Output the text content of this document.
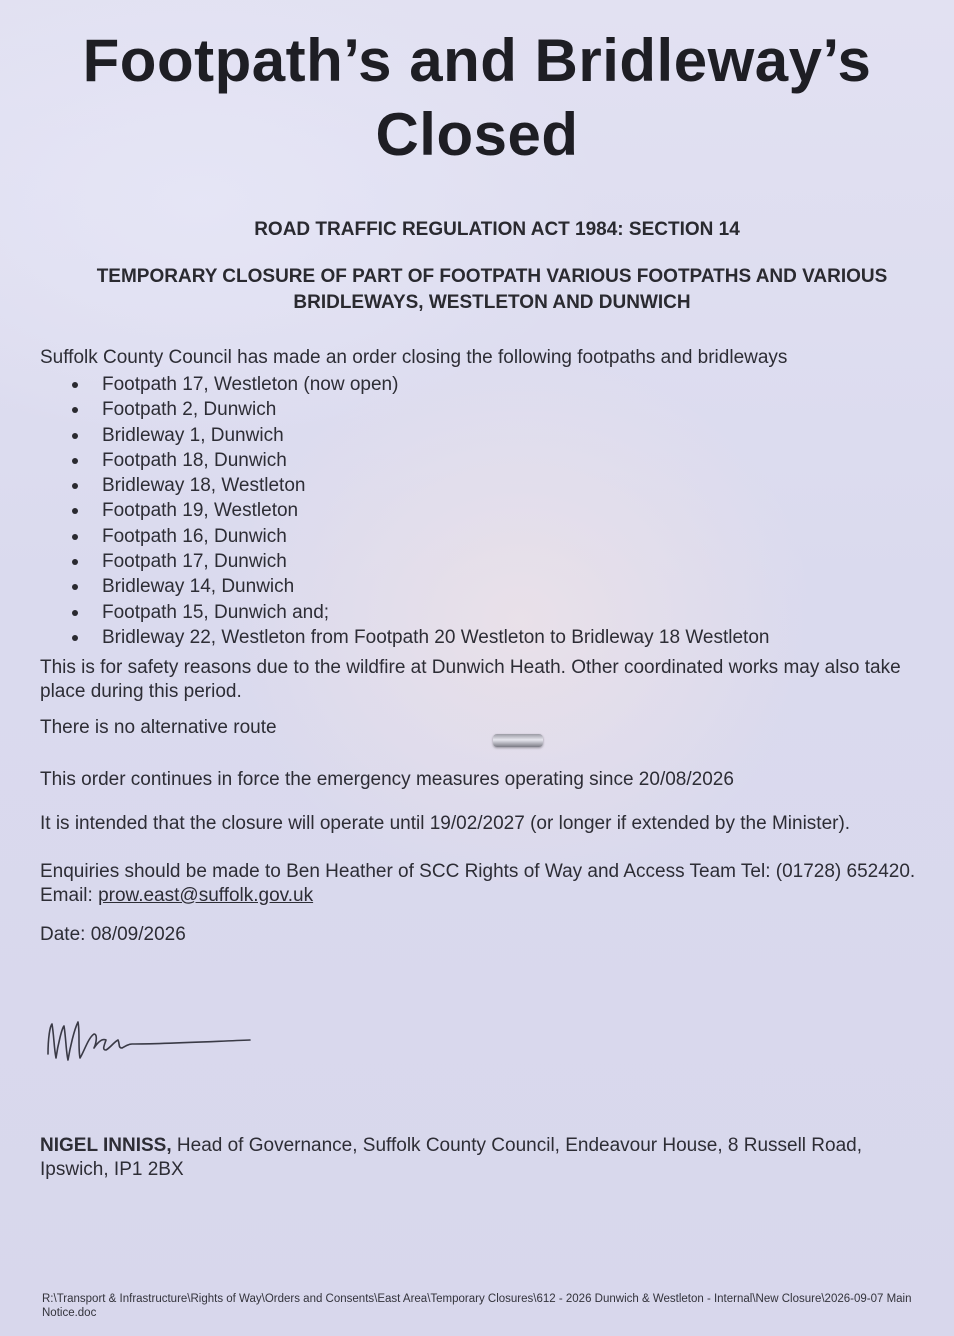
Footpath’s and Bridleway’s
Closed
ROAD TRAFFIC REGULATION ACT 1984: SECTION 14
TEMPORARY CLOSURE OF PART OF FOOTPATH VARIOUS FOOTPATHS AND VARIOUS
BRIDLEWAYS, WESTLETON AND DUNWICH
Suffolk County Council has made an order closing the following footpaths and bridleways
Footpath 17, Westleton (now open)
Footpath 2, Dunwich
Bridleway 1, Dunwich
Footpath 18, Dunwich
Bridleway 18, Westleton
Footpath 19, Westleton
Footpath 16, Dunwich
Footpath 17, Dunwich
Bridleway 14, Dunwich
Footpath 15, Dunwich and;
Bridleway 22, Westleton from Footpath 20 Westleton to Bridleway 18 Westleton
This is for safety reasons due to the wildfire at Dunwich Heath. Other coordinated works may also take place during this period.
There is no alternative route
This order continues in force the emergency measures operating since 20/08/2026
It is intended that the closure will operate until 19/02/2027 (or longer if extended by the Minister).
Enquiries should be made to Ben Heather of SCC Rights of Way and Access Team Tel: (01728) 652420. Email: prow.east@suffolk.gov.uk
Date: 08/09/2026
NIGEL INNISS, Head of Governance, Suffolk County Council, Endeavour House, 8 Russell Road, Ipswich, IP1 2BX
R:\Transport & Infrastructure\Rights of Way\Orders and Consents\East Area\Temporary Closures\612 - 2026 Dunwich & Westleton - Internal\New Closure\2026-09-07 Main Notice.doc
